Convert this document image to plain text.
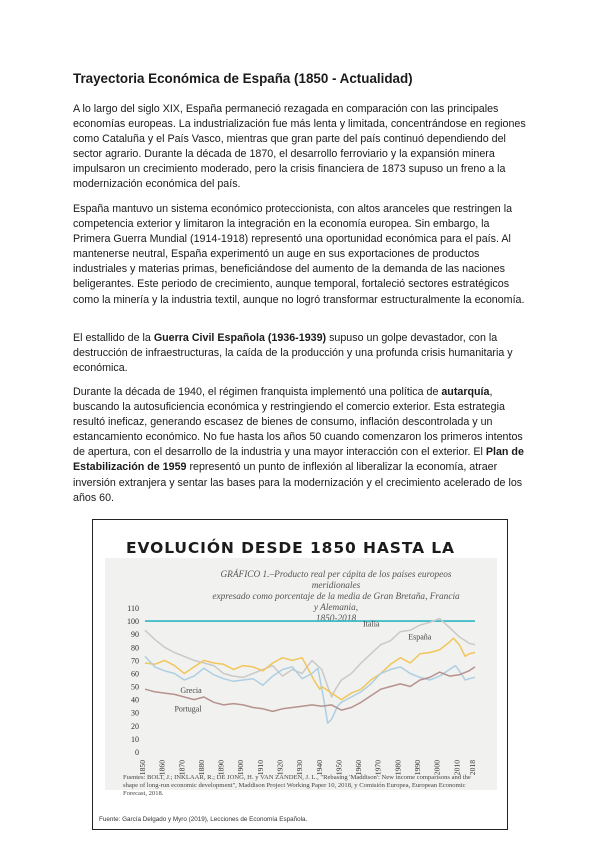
Trayectoria Económica de España (1850 - Actualidad)

A lo largo del siglo XIX, España permaneció rezagada en comparación con las principales economías europeas. La industrialización fue más lenta y limitada, concentrándose en regiones como Cataluña y el País Vasco, mientras que gran parte del país continuó dependiendo del sector agrario. Durante la década de 1870, el desarrollo ferroviario y la expansión minera impulsaron un crecimiento moderado, pero la crisis financiera de 1873 supuso un freno a la modernización económica del país.

España mantuvo un sistema económico proteccionista, con altos aranceles que restringen la competencia exterior y limitaron la integración en la economía europea. Sin embargo, la Primera Guerra Mundial (1914-1918) representó una oportunidad económica para el país. Al mantenerse neutral, España experimentó un auge en sus exportaciones de productos industriales y materias primas, beneficiándose del aumento de la demanda de las naciones beligerantes. Este periodo de crecimiento, aunque temporal, fortaleció sectores estratégicos como la minería y la industria textil, aunque no logró transformar estructuralmente la economía.

El estallido de la Guerra Civil Española (1936-1939) supuso un golpe devastador, con la destrucción de infraestructuras, la caída de la producción y una profunda crisis humanitaria y económica.

Durante la década de 1940, el régimen franquista implementó una política de autarquía, buscando la autosuficiencia económica y restringiendo el comercio exterior. Esta estrategia resultó ineficaz, generando escasez de bienes de consumo, inflación descontrolada y un estancamiento económico. No fue hasta los años 50 cuando comenzaron los primeros intentos de apertura, con el desarrollo de la industria y una mayor interacción con el exterior. El Plan de Estabilización de 1959 representó un punto de inflexión al liberalizar la economía, atraer inversión extranjera y sentar las bases para la modernización y el crecimiento acelerado de los años 60.

EVOLUCIÓN DESDE 1850 HASTA LA
GRÁFICO 1.–Producto real per cápita de los países europeos meridionales
expresado como porcentaje de la media de Gran Bretaña, Francia y Alemania,
1850-2018
0
10
20
30
40
50
60
70
80
90
100
110
1850 1860 1870 1880 1890 1900 1910 1920 1930 1940 1950 1960 1970 1980 1990 2000 2010 2018
Italia
España
Grecia
Portugal
Fuentes: BOLT, J.; INKLAAR, R.; DE JONG, H. y VAN ZANDEN, J. L., "Rebasing 'Maddison': New income comparisons and the shape of long-run economic development", Maddison Project Working Paper 10, 2018, y Comisión Europea, European Economic Forecast, 2018.
Fuente: García Delgado y Myro (2019), Lecciones de Economía Española.
